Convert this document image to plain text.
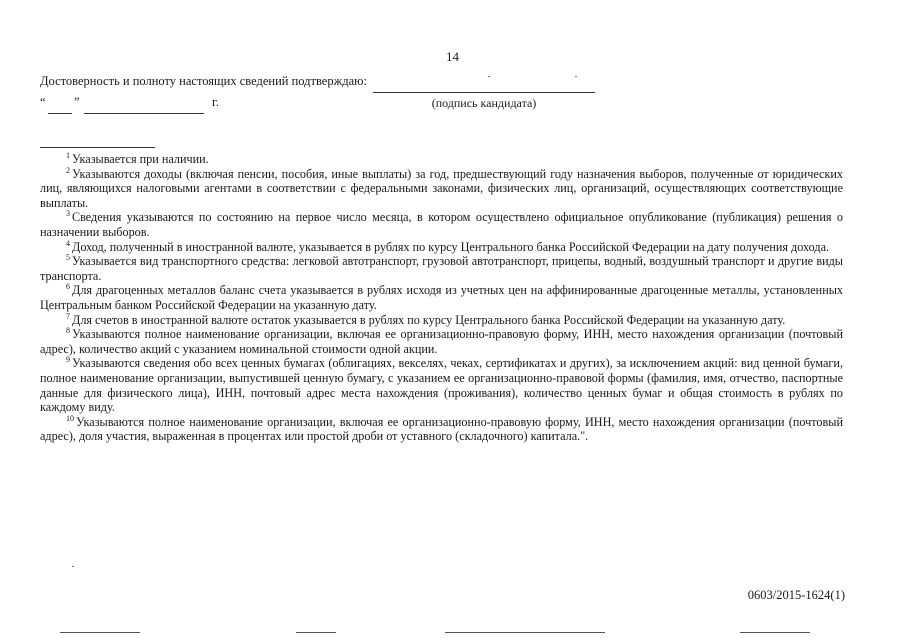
14
Достоверность и полноту настоящих сведений подтверждаю:
(подпись кандидата)
“ ”	г.

$^1$ Указывается при наличии.

$^2$ Указываются доходы (включая пенсии, пособия, иные выплаты) за год, предшествующий году назначения выборов, полученные от юридических лиц, являющихся налоговыми агентами в соответствии с федеральными законами, физических лиц, организаций, осуществляющих соответствующие выплаты.

$^3$ Сведения указываются по состоянию на первое число месяца, в котором осуществлено официальное опубликование (публикация) решения о назначении выборов.

$^4$ Доход, полученный в иностранной валюте, указывается в рублях по курсу Центрального банка Российской Федерации на дату получения дохода.

$^5$ Указывается вид транспортного средства: легковой автотранспорт, грузовой автотранспорт, прицепы, водный, воздушный транспорт и другие виды транспорта.

$^6$ Для драгоценных металлов баланс счета указывается в рублях исходя из учетных цен на аффинированные драгоценные металлы, установленных Центральным банком Российской Федерации на указанную дату.

$^7$ Для счетов в иностранной валюте остаток указывается в рублях по курсу Центрального банка Российской Федерации на указанную дату.

$^8$ Указываются полное наименование организации, включая ее организационно-правовую форму, ИНН, место нахождения организации (почтовый адрес), количество акций с указанием номинальной стоимости одной акции.

$^9$ Указываются сведения обо всех ценных бумагах (облигациях, векселях, чеках, сертификатах и других), за исключением акций: вид ценной бумаги, полное наименование организации, выпустившей ценную бумагу, с указанием ее организационно-правовой формы (фамилия, имя, отчество, паспортные данные для физического лица), ИНН, почтовый адрес места нахождения (проживания), количество ценных бумаг и общая стоимость в рублях по каждому виду.

$^{10}$ Указываются полное наименование организации, включая ее организационно-правовую форму, ИНН, место нахождения организации (почтовый адрес), доля участия, выраженная в процентах или простой дроби от уставного (складочного) капитала.".

0603/2015-1624(1)
